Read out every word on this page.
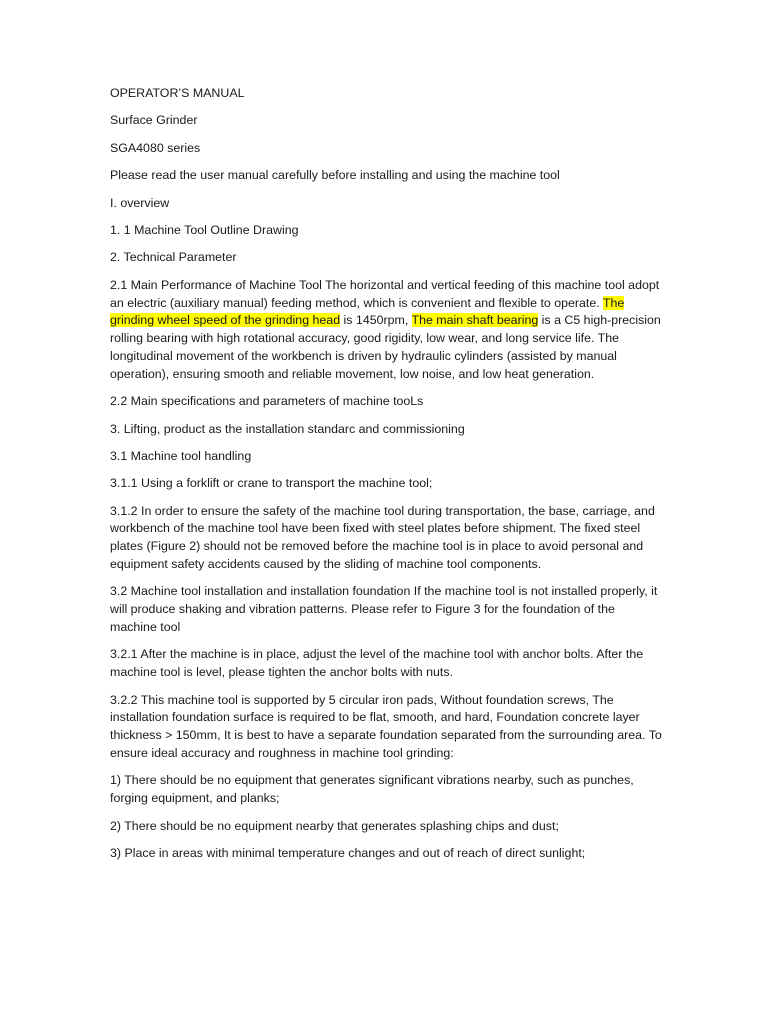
OPERATOR’S MANUAL

Surface Grinder

SGA4080 series

Please read the user manual carefully before installing and using the machine tool

I. overview

1. 1 Machine Tool Outline Drawing

2. Technical Parameter

2.1 Main Performance of Machine Tool The horizontal and vertical feeding of this machine tool adopt an electric (auxiliary manual) feeding method, which is convenient and flexible to operate. The grinding wheel speed of the grinding head is 1450rpm, The main shaft bearing is a C5 high-precision rolling bearing with high rotational accuracy, good rigidity, low wear, and long service life. The longitudinal movement of the workbench is driven by hydraulic cylinders (assisted by manual operation), ensuring smooth and reliable movement, low noise, and low heat generation.

2.2 Main specifications and parameters of machine tooLs

3. Lifting, product as the installation standarc and commissioning

3.1 Machine tool handling

3.1.1 Using a forklift or crane to transport the machine tool;

3.1.2 In order to ensure the safety of the machine tool during transportation, the base, carriage, and workbench of the machine tool have been fixed with steel plates before shipment. The fixed steel plates (Figure 2) should not be removed before the machine tool is in place to avoid personal and equipment safety accidents caused by the sliding of machine tool components.

3.2 Machine tool installation and installation foundation If the machine tool is not installed properly, it will produce shaking and vibration patterns. Please refer to Figure 3 for the foundation of the machine tool

3.2.1 After the machine is in place, adjust the level of the machine tool with anchor bolts. After the machine tool is level, please tighten the anchor bolts with nuts.

3.2.2 This machine tool is supported by 5 circular iron pads, Without foundation screws, The installation foundation surface is required to be flat, smooth, and hard, Foundation concrete layer thickness > 150mm, It is best to have a separate foundation separated from the surrounding area. To ensure ideal accuracy and roughness in machine tool grinding:

1) There should be no equipment that generates significant vibrations nearby, such as punches, forging equipment, and planks;

2) There should be no equipment nearby that generates splashing chips and dust;

3) Place in areas with minimal temperature changes and out of reach of direct sunlight;
